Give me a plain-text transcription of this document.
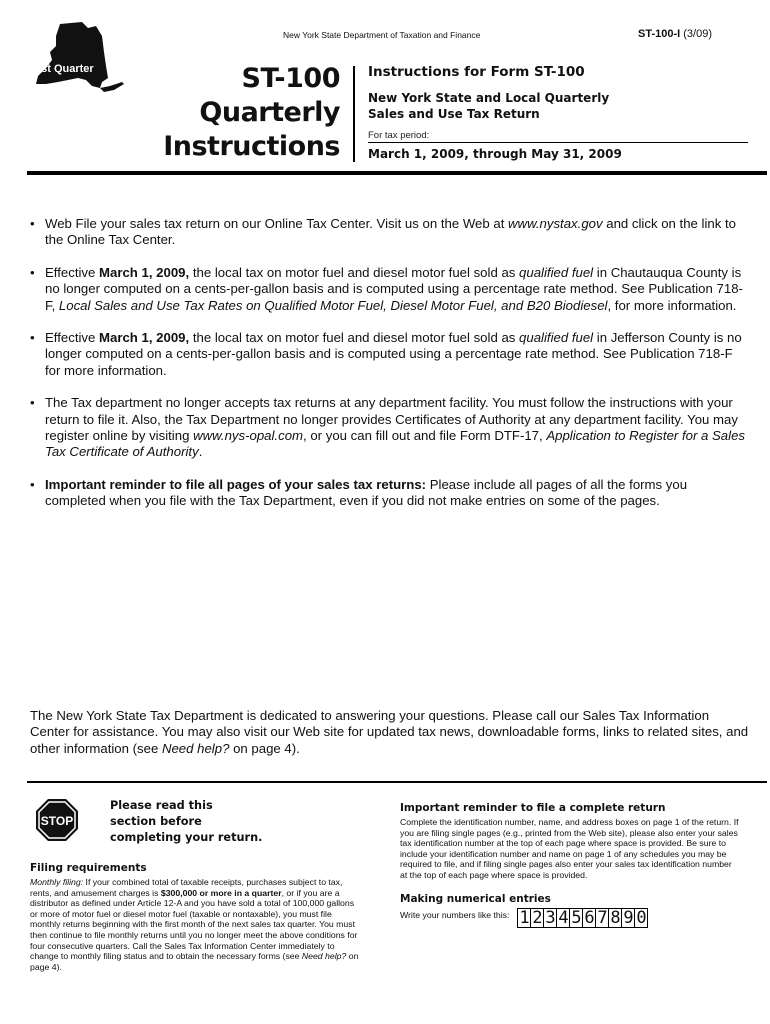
New York State Department of Taxation and Finance	ST-100-I (3/09)
1st Quarter	ST-100
Quarterly
Instructions

Instructions for Form ST-100

New York State and Local Quarterly
Sales and Use Tax Return

For tax period:

March 1, 2009, through May 31, 2009

• Web File your sales tax return on our Online Tax Center. Visit us on the Web at www.nystax.gov and click on the link to the Online Tax Center.
• Effective March 1, 2009, the local tax on motor fuel and diesel motor fuel sold as qualified fuel in Chautauqua County is no longer computed on a cents-per-gallon basis and is computed using a percentage rate method. See Publication 718-F, Local Sales and Use Tax Rates on Qualified Motor Fuel, Diesel Motor Fuel, and B20 Biodiesel, for more information.
• Effective March 1, 2009, the local tax on motor fuel and diesel motor fuel sold as qualified fuel in Jefferson County is no longer computed on a cents-per-gallon basis and is computed using a percentage rate method. See Publication 718-F for more information.
• The Tax department no longer accepts tax returns at any department facility. You must follow the instructions with your return to file it. Also, the Tax Department no longer provides Certificates of Authority at any department facility. You may register online by visiting www.nys-opal.com, or you can fill out and file Form DTF-17, Application to Register for a Sales Tax Certificate of Authority.
• Important reminder to file all pages of your sales tax returns: Please include all pages of all the forms you completed when you file with the Tax Department, even if you did not make entries on some of the pages.
The New York State Tax Department is dedicated to answering your questions. Please call our Sales Tax Information Center for assistance. You may also visit our Web site for updated tax news, downloadable forms, links to related sites, and other information (see Need help? on page 4).
STOP
Please read this
section before
completing your return.

Filing requirements

Monthly filing: If your combined total of taxable receipts, purchases subject to tax, rents, and amusement charges is $300,000 or more in a quarter, or if you are a distributor as defined under Article 12-A and you have sold a total of 100,000 gallons or more of motor fuel or diesel motor fuel (taxable or nontaxable), you must file monthly returns beginning with the first month of the next sales tax quarter. You must then continue to file monthly returns until you no longer meet the above conditions for four consecutive quarters. Call the Sales Tax Information Center immediately to change to monthly filing status and to obtain the necessary forms (see Need help? on page 4).

Important reminder to file a complete return

Complete the identification number, name, and address boxes on page 1 of the return. If you are filing single pages (e.g., printed from the Web site), please also enter your sales tax identification number at the top of each page where space is provided. Be sure to include your identification number and name on page 1 of any schedules you may be required to file, and if filing single pages also enter your sales tax identification number at the top of each page where space is provided.

Making numerical entries

Write your numbers like this: 1 2 3 4 5 6 7 8 9 0
